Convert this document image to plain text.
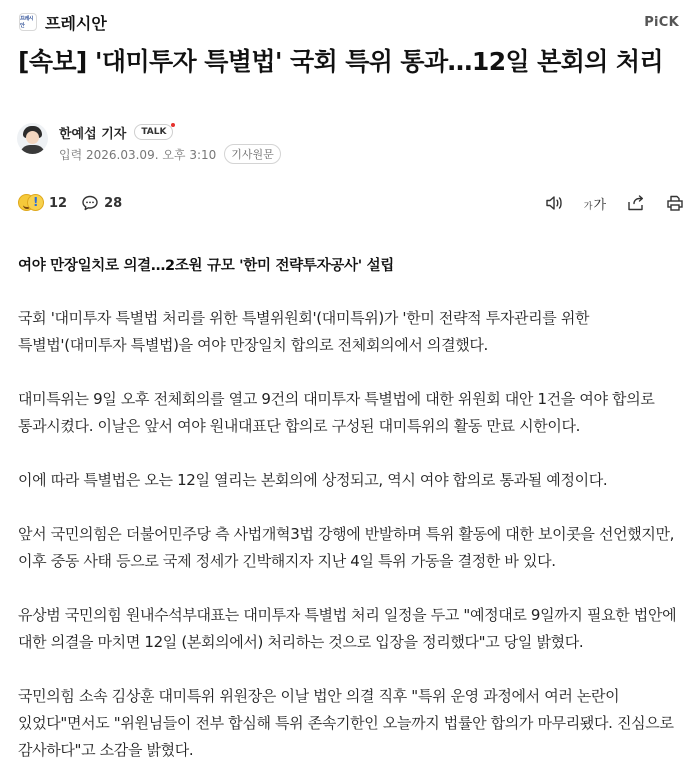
프레시안	프레시안	PiCK
[속보] '대미투자 특별법' 국회 특위 통과…12일 본회의 처리
한예섭 기자	TALK
입력 2026.03.09. 오후 3:10	기사원문
!
12	28	가 가

여야 만장일치로 의결…2조원 규모 '한미 전략투자공사' 설립

국회 '대미투자 특별법 처리를 위한 특별위원회'(대미특위)가 '한미 전략적 투자관리를 위한 특별법'(대미투자 특별법)을 여야 만장일치 합의로 전체회의에서 의결했다.

대미특위는 9일 오후 전체회의를 열고 9건의 대미투자 특별법에 대한 위원회 대안 1건을 여야 합의로 통과시켰다. 이날은 앞서 여야 원내대표단 합의로 구성된 대미특위의 활동 만료 시한이다.

이에 따라 특별법은 오는 12일 열리는 본회의에 상정되고, 역시 여야 합의로 통과될 예정이다.

앞서 국민의힘은 더불어민주당 측 사법개혁3법 강행에 반발하며 특위 활동에 대한 보이콧을 선언했지만, 이후 중동 사태 등으로 국제 정세가 긴박해지자 지난 4일 특위 가동을 결정한 바 있다.

유상범 국민의힘 원내수석부대표는 대미투자 특별법 처리 일정을 두고 "예정대로 9일까지 필요한 법안에 대한 의결을 마치면 12일 (본회의에서) 처리하는 것으로 입장을 정리했다"고 당일 밝혔다.

국민의힘 소속 김상훈 대미특위 위원장은 이날 법안 의결 직후 "특위 운영 과정에서 여러 논란이 있었다"면서도 "위원님들이 전부 합심해 특위 존속기한인 오늘까지 법률안 합의가 마무리됐다. 진심으로 감사하다"고 소감을 밝혔다.
